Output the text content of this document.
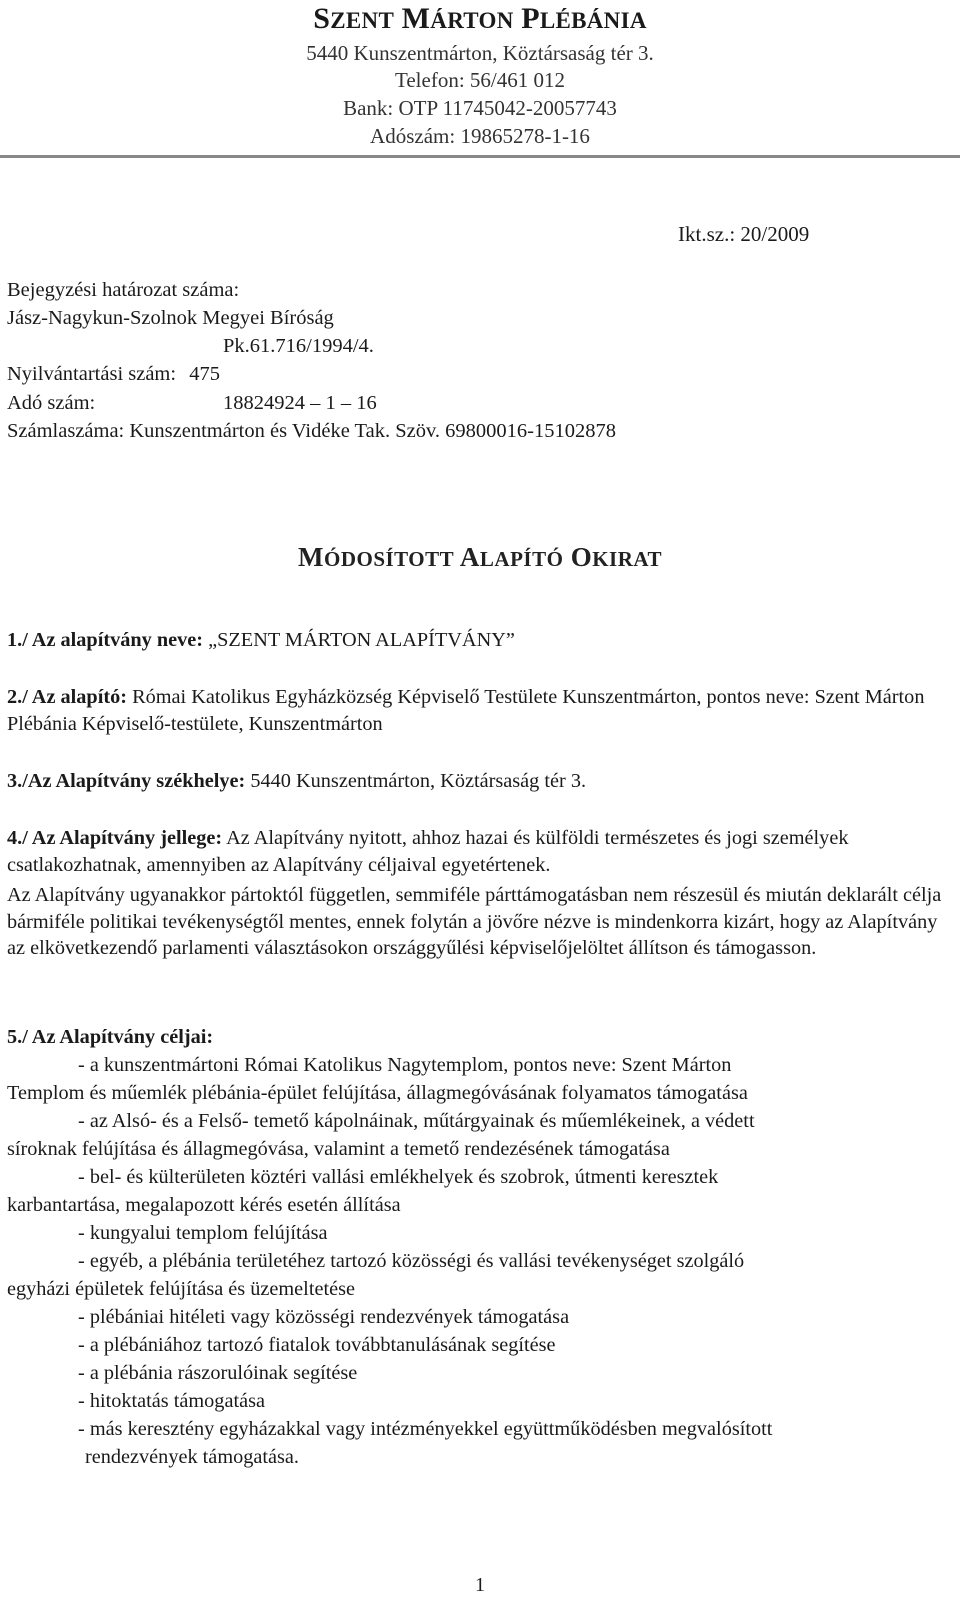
SZENT MÁRTON PLÉBÁNIA
5440 Kunszentmárton, Köztársaság tér 3.
Telefon: 56/461 012
Bank: OTP 11745042-20057743
Adószám: 19865278-1-16
Ikt.sz.: 20/2009
Bejegyzési határozat száma:
Jász-Nagykun-Szolnok Megyei Bíróság
Pk.61.716/1994/4.
Nyilvántartási szám: 475
Adó szám:	18824924 – 1 – 16
Számlaszáma: Kunszentmárton és Vidéke Tak. Szöv. 69800016-15102878
MÓDOSÍTOTT ALAPÍTÓ OKIRAT
1./ Az alapítvány neve: „SZENT MÁRTON ALAPÍTVÁNY”
2./ Az alapító: Római Katolikus Egyházközség Képviselő Testülete Kunszentmárton, pontos neve: Szent Márton Plébánia Képviselő-testülete, Kunszentmárton
3./Az Alapítvány székhelye: 5440 Kunszentmárton, Köztársaság tér 3.
4./ Az Alapítvány jellege: Az Alapítvány nyitott, ahhoz hazai és külföldi természetes és jogi személyek csatlakozhatnak, amennyiben az Alapítvány céljaival egyetértenek.
Az Alapítvány ugyanakkor pártoktól független, semmiféle párttámogatásban nem részesül és miután deklarált célja bármiféle politikai tevékenységtől mentes, ennek folytán a jövőre nézve is mindenkorra kizárt, hogy az Alapítvány az elkövetkezendő parlamenti választásokon országgyűlési képviselőjelöltet állítson és támogasson.
5./ Az Alapítvány céljai:
- a kunszentmártoni Római Katolikus Nagytemplom, pontos neve: Szent Márton
Templom és műemlék plébánia-épület felújítása, állagmegóvásának folyamatos támogatása
- az Alsó- és a Felső- temető kápolnáinak, műtárgyainak és műemlékeinek, a védett
síroknak felújítása és állagmegóvása, valamint a temető rendezésének támogatása
- bel- és külterületen köztéri vallási emlékhelyek és szobrok, útmenti keresztek
karbantartása, megalapozott kérés esetén állítása
- kungyalui templom felújítása
- egyéb, a plébánia területéhez tartozó közösségi és vallási tevékenységet szolgáló
egyházi épületek felújítása és üzemeltetése
- plébániai hitéleti vagy közösségi rendezvények támogatása
- a plébániához tartozó fiatalok továbbtanulásának segítése
- a plébánia rászorulóinak segítése
- hitoktatás támogatása
- más keresztény egyházakkal vagy intézményekkel együttműködésben megvalósított
rendezvények támogatása.
1
